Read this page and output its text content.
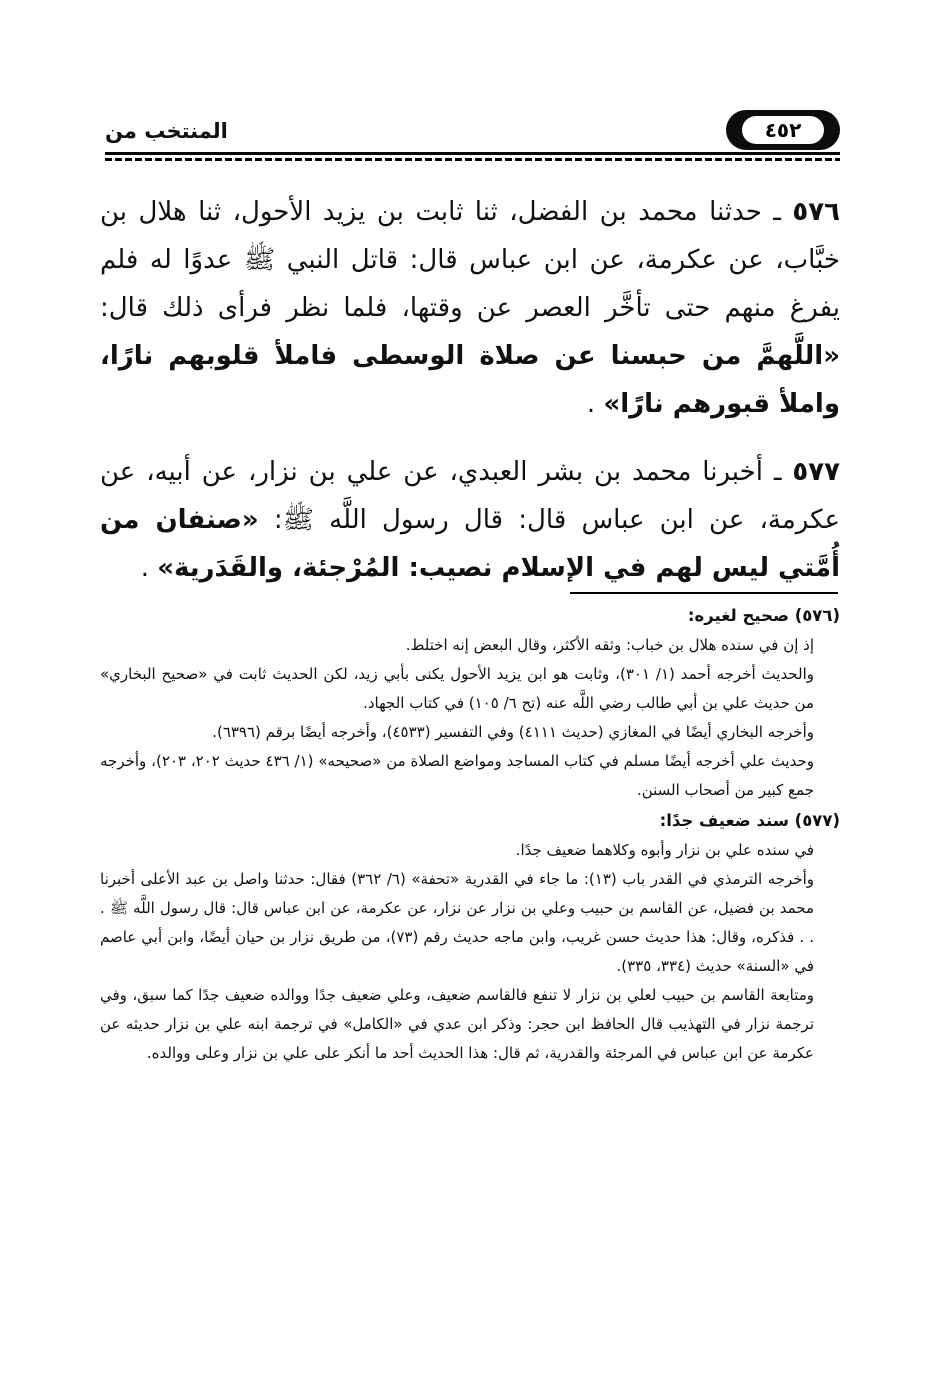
٤٥٢
المنتخب من

٥٧٦ ـ حدثنا محمد بن الفضل، ثنا ثابت بن يزيد الأحول، ثنا هلال بن خبَّاب، عن عكرمة، عن ابن عباس قال: قاتل النبي ﷺ عدوًا له فلم يفرغ منهم حتى تأخَّر العصر عن وقتها، فلما نظر فرأى ذلك قال: «اللَّهمَّ من حبسنا عن صلاة الوسطى فاملأ قلوبهم نارًا، واملأ قبورهم نارًا» .

٥٧٧ ـ أخبرنا محمد بن بشر العبدي، عن علي بن نزار، عن أبيه، عن عكرمة، عن ابن عباس قال: قال رسول اللَّه ﷺ: «صنفان من أُمَّتي ليس لهم في الإسلام نصيب: المُرْجئة، والقَدَرية» .

(٥٧٦) صحيح لغيره:

إذ إن في سنده هلال بن خباب: وثقه الأكثر، وقال البعض إنه اختلط.

والحديث أخرجه أحمد (١/ ٣٠١)، وثابت هو ابن يزيد الأحول يكنى بأبي زيد، لكن الحديث ثابت في «صحيح البخاري» من حديث علي بن أبي طالب رضي اللَّه عنه (تح ٦/ ١٠٥) في كتاب الجهاد.

وأخرجه البخاري أيضًا في المغازي (حديث ٤١١١) وفي التفسير (٤٥٣٣)، وأخرجه أيضًا برقم (٦٣٩٦).

وحديث علي أخرجه أيضًا مسلم في كتاب المساجد ومواضع الصلاة من «صحيحه» (١/ ٤٣٦ حديث ٢٠٢، ٢٠٣)، وأخرجه جمع كبير من أصحاب السنن.

(٥٧٧) سند ضعيف جدًا:

في سنده علي بن نزار وأبوه وكلاهما ضعيف جدًا.

وأخرجه الترمذي في القدر باب (١٣): ما جاء في القدرية «تحفة» (٦/ ٣٦٢) فقال: حدثنا واصل بن عبد الأعلى أخبرنا محمد بن فضيل، عن القاسم بن حبيب وعلي بن نزار عن نزار، عن عكرمة، عن ابن عباس قال: قال رسول اللَّه ﷺ . . . فذكره، وقال: هذا حديث حسن غريب، وابن ماجه حديث رقم (٧٣)، من طريق نزار بن حيان أيضًا، وابن أبي عاصم في «السنة» حديث (٣٣٤، ٣٣٥).

ومتابعة القاسم بن حبيب لعلي بن نزار لا تنفع فالقاسم ضعيف، وعلي ضعيف جدًا ووالده ضعيف جدًا كما سبق، وفي ترجمة نزار في التهذيب قال الحافظ ابن حجر: وذكر ابن عدي في «الكامل» في ترجمة ابنه علي بن نزار حديثه عن عكرمة عن ابن عباس في المرجئة والقدرية، ثم قال: هذا الحديث أحد ما أنكر على علي بن نزار وعلى ووالده.
